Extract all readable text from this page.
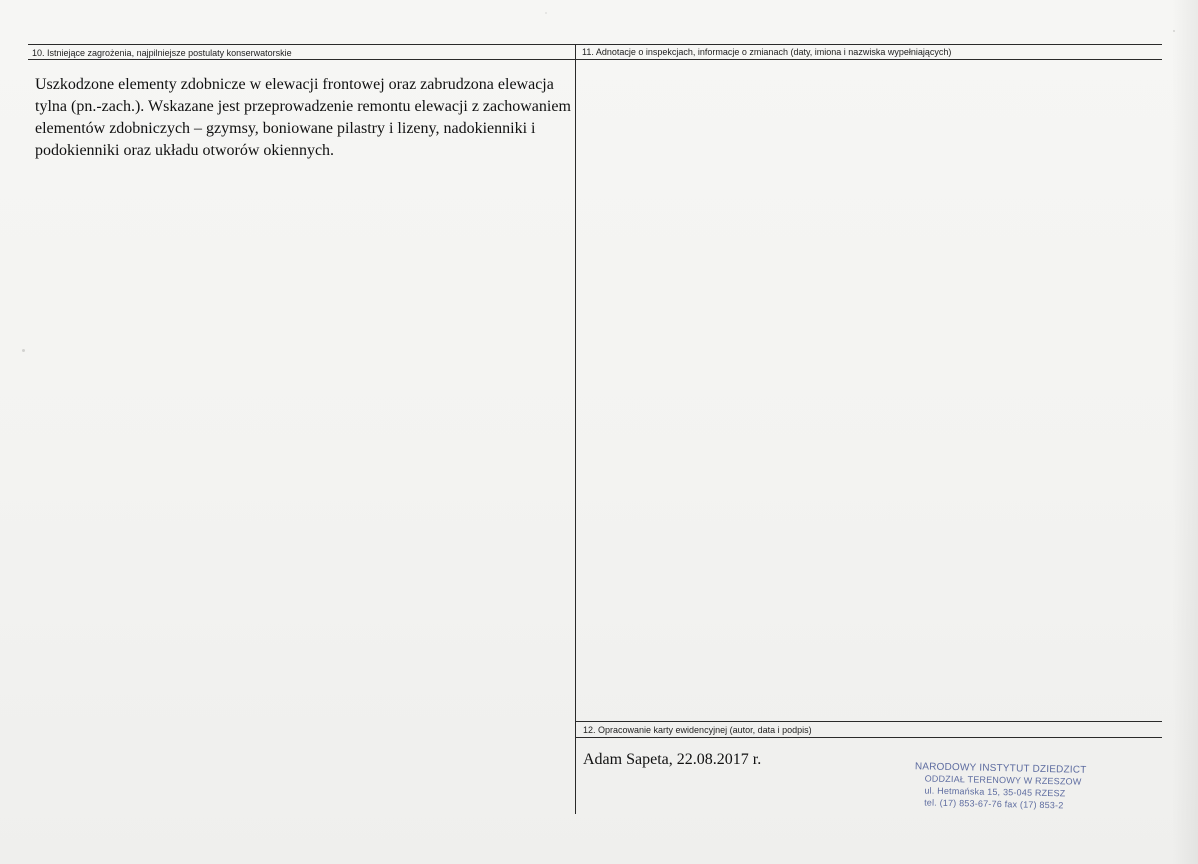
10. Istniejące zagrożenia, najpilniejsze postulaty konserwatorskie

Uszkodzone elementy zdobnicze w elewacji frontowej oraz zabrudzona elewacja tylna (pn.-zach.). Wskazane jest przeprowadzenie remontu elewacji z zachowaniem elementów zdobniczych – gzymsy, boniowane pilastry i lizeny, nadokienniki i podokienniki oraz układu otworów okiennych.

11. Adnotacje o inspekcjach, informacje o zmianach (daty, imiona i nazwiska wypełniających)
12. Opracowanie karty ewidencyjnej (autor, data i podpis)
Adam Sapeta, 22.08.2017 r.
NARODOWY INSTYTUT DZIEDZICT
ODDZIAŁ TERENOWY W RZESZOW
ul. Hetmańska 15, 35-045 RZESZ
tel. (17) 853-67-76 fax (17) 853-2
